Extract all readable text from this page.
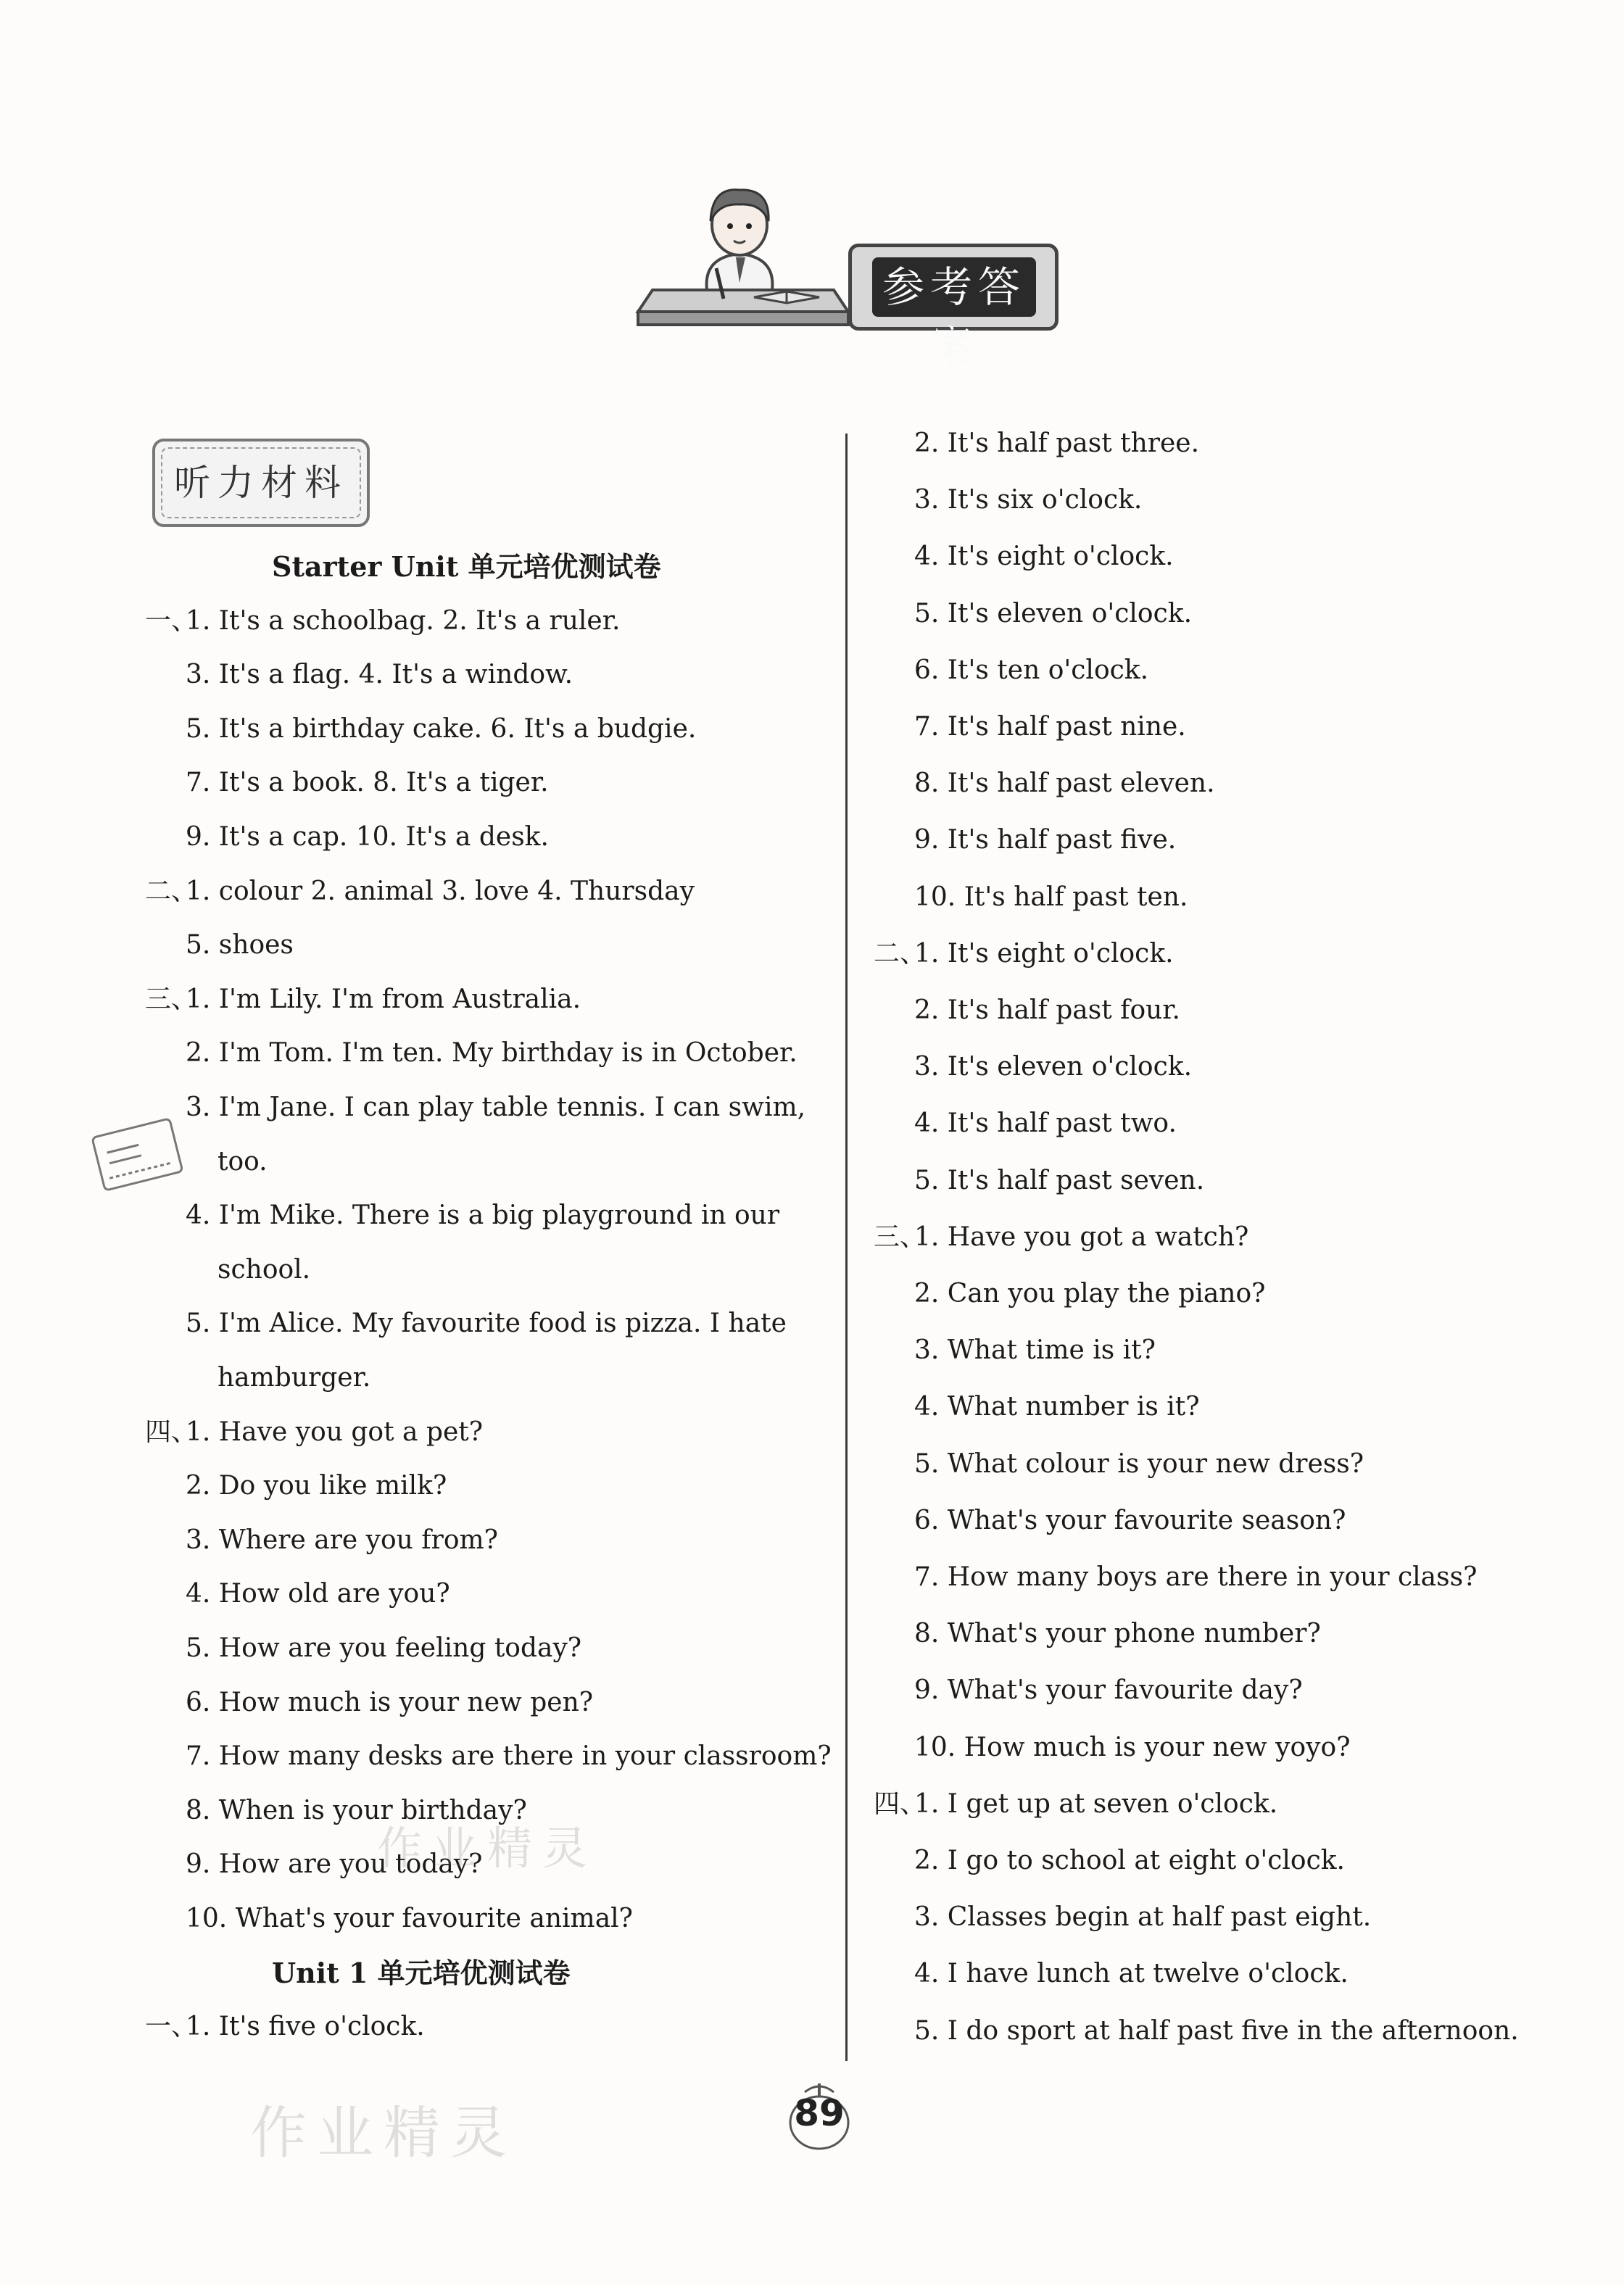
参考答案
听力材料
Starter Unit 单元培优测试卷
一、1. It's a schoolbag. 2. It's a ruler.
3. It's a flag. 4. It's a window.
5. It's a birthday cake. 6. It's a budgie.
7. It's a book. 8. It's a tiger.
9. It's a cap. 10. It's a desk.
二、1. colour 2. animal 3. love 4. Thursday
5. shoes
三、1. I'm Lily. I'm from Australia.
2. I'm Tom. I'm ten. My birthday is in October.
3. I'm Jane. I can play table tennis. I can swim,
too.
4. I'm Mike. There is a big playground in our
school.
5. I'm Alice. My favourite food is pizza. I hate
hamburger.
四、1. Have you got a pet?
2. Do you like milk?
3. Where are you from?
4. How old are you?
5. How are you feeling today?
6. How much is your new pen?
7. How many desks are there in your classroom?
8. When is your birthday?
9. How are you today?
10. What's your favourite animal?
Unit 1 单元培优测试卷
一、1. It's five o'clock.
2. It's half past three.
3. It's six o'clock.
4. It's eight o'clock.
5. It's eleven o'clock.
6. It's ten o'clock.
7. It's half past nine.
8. It's half past eleven.
9. It's half past five.
10. It's half past ten.
二、1. It's eight o'clock.
2. It's half past four.
3. It's eleven o'clock.
4. It's half past two.
5. It's half past seven.
三、1. Have you got a watch?
2. Can you play the piano?
3. What time is it?
4. What number is it?
5. What colour is your new dress?
6. What's your favourite season?
7. How many boys are there in your class?
8. What's your phone number?
9. What's your favourite day?
10. How much is your new yoyo?
四、1. I get up at seven o'clock.
2. I go to school at eight o'clock.
3. Classes begin at half past eight.
4. I have lunch at twelve o'clock.
5. I do sport at half past five in the afternoon.
作业精灵
作业精灵	89
